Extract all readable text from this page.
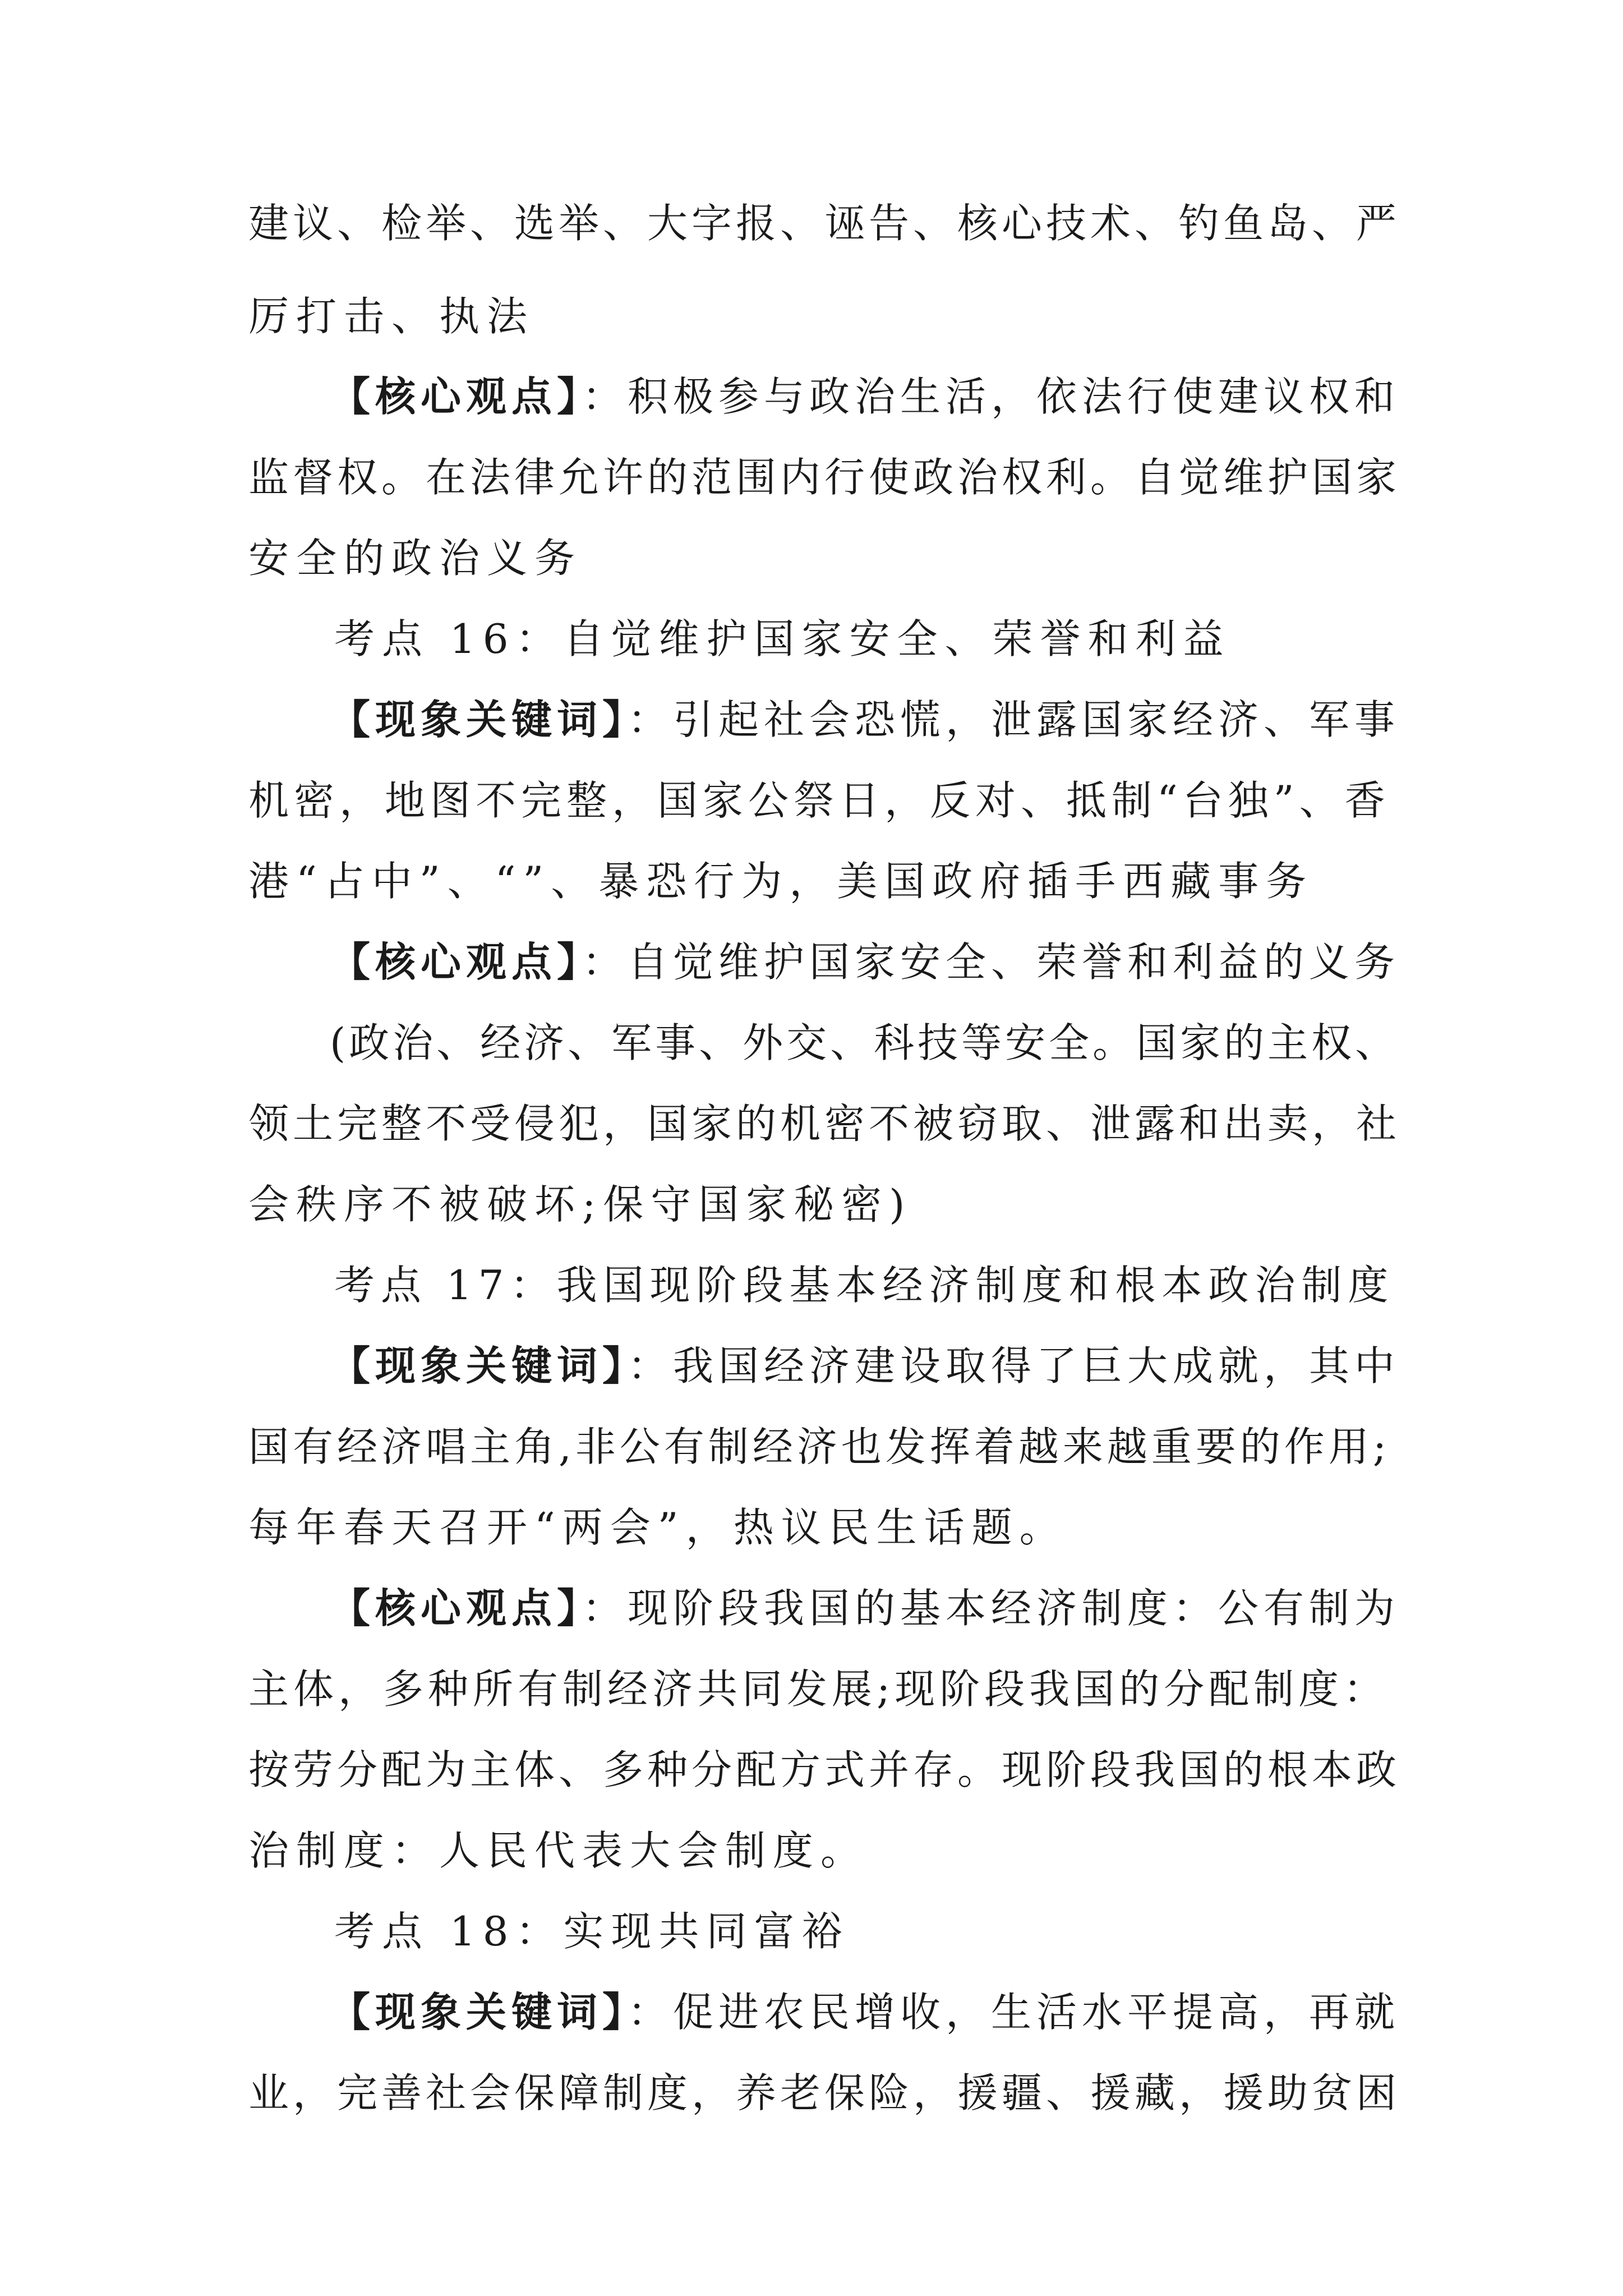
建议、检举、选举、大字报、诬告、核心技术、钓鱼岛、严
厉打击、执法
【核心观点】：积极参与政治生活，依法行使建议权和
监督权。在法律允许的范围内行使政治权利。自觉维护国家
安全的政治义务
考点 16：自觉维护国家安全、荣誉和利益
【现象关键词】：引起社会恐慌，泄露国家经济、军事
机密，地图不完整，国家公祭日，反对、抵制“台独”、香
港“占中”、“”、暴恐行为，美国政府插手西藏事务
【核心观点】：自觉维护国家安全、荣誉和利益的义务
(政治、经济、军事、外交、科技等安全。国家的主权、
领土完整不受侵犯，国家的机密不被窃取、泄露和出卖，社
会秩序不被破坏;保守国家秘密)
考点 17：我国现阶段基本经济制度和根本政治制度
【现象关键词】：我国经济建设取得了巨大成就，其中
国有经济唱主角,非公有制经济也发挥着越来越重要的作用;
每年春天召开“两会”，热议民生话题。
【核心观点】：现阶段我国的基本经济制度：公有制为
主体，多种所有制经济共同发展;现阶段我国的分配制度：
按劳分配为主体、多种分配方式并存。现阶段我国的根本政
治制度：人民代表大会制度。
考点 18：实现共同富裕
【现象关键词】：促进农民增收，生活水平提高，再就
业，完善社会保障制度，养老保险，援疆、援藏，援助贫困
